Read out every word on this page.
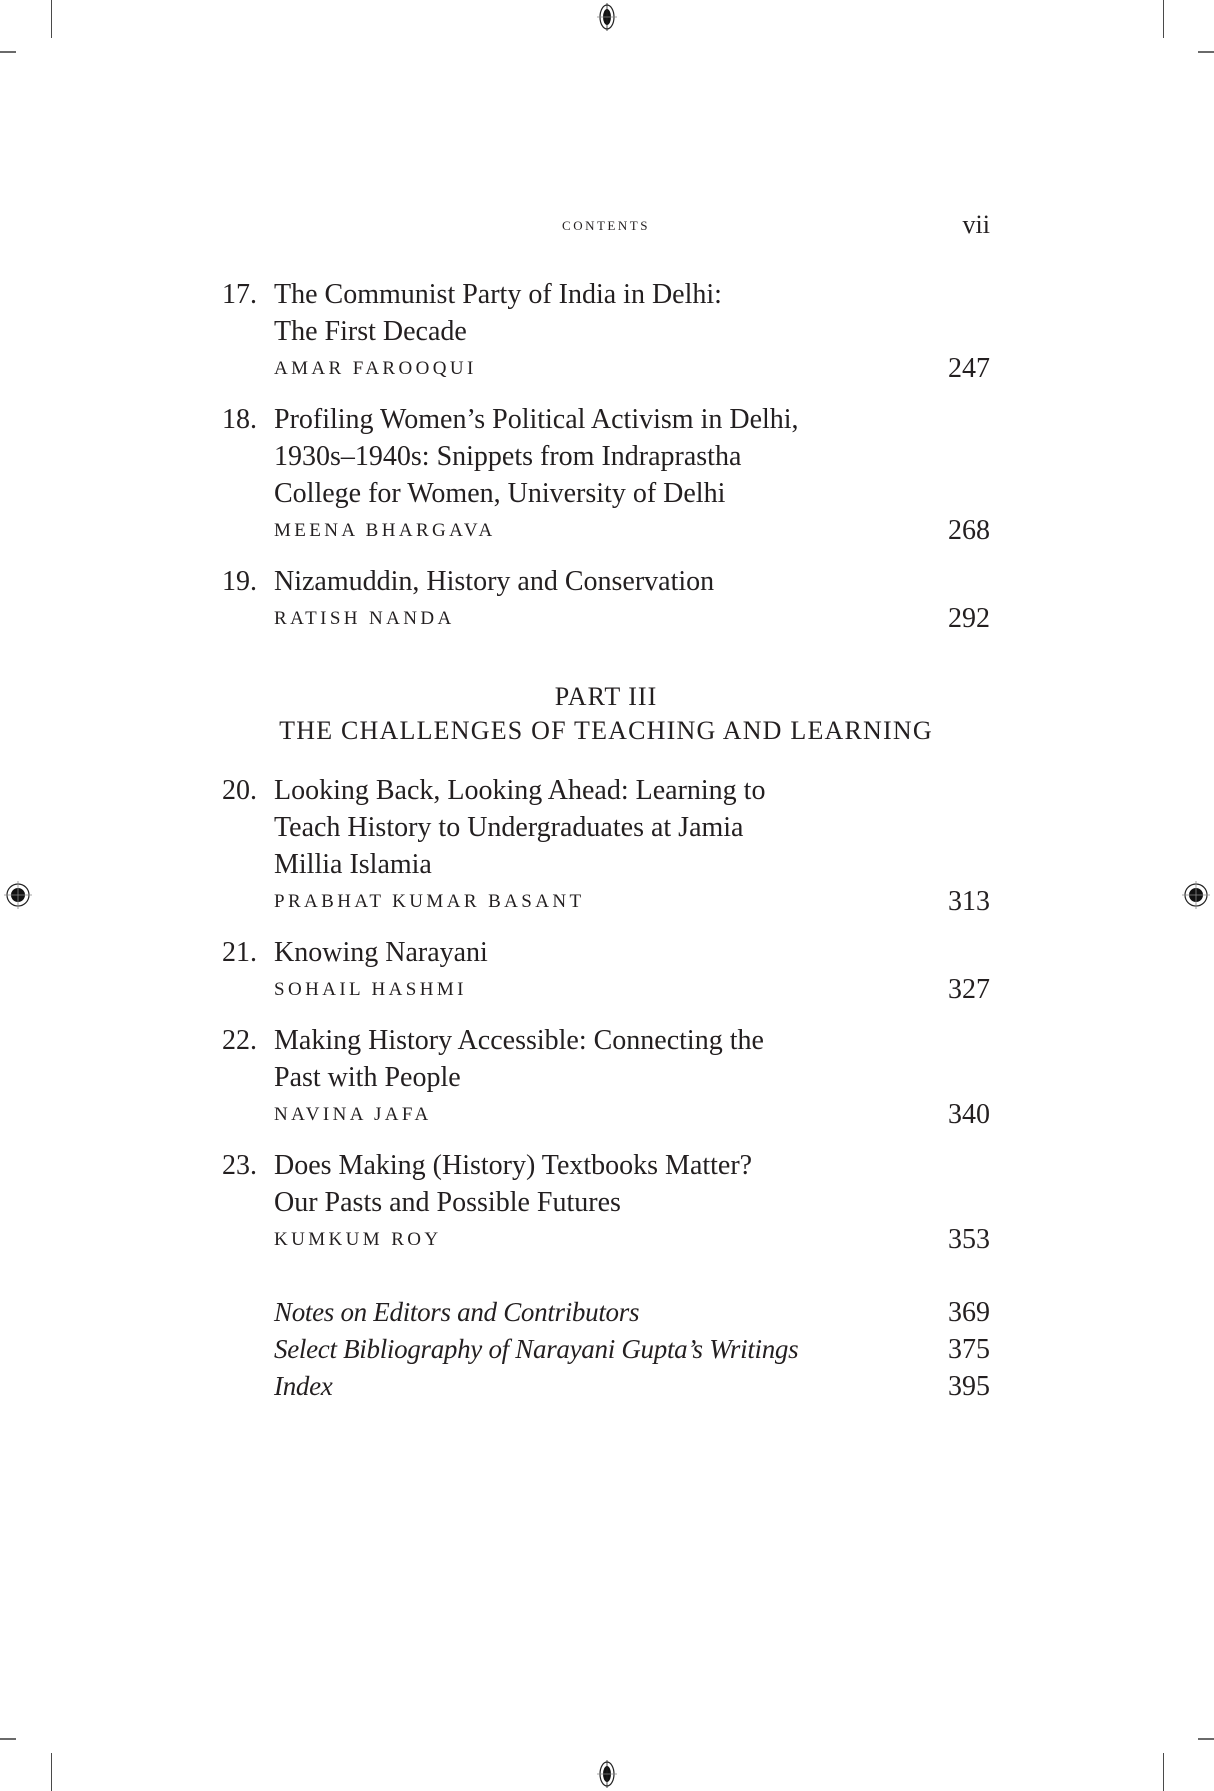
contents	vii
17. The Communist Party of India in Delhi:
The First Decade
AMAR FAROOQUI	247
18. Profiling Women’s Political Activism in Delhi,
1930s–1940s: Snippets from Indraprastha
College for Women, University of Delhi
MEENA BHARGAVA	268
19. Nizamuddin, History and Conservation
RATISH NANDA	292
PART III
THE CHALLENGES OF TEACHING AND LEARNING
20. Looking Back, Looking Ahead: Learning to
Teach History to Undergraduates at Jamia
Millia Islamia
PRABHAT KUMAR BASANT	313
21. Knowing Narayani
SOHAIL HASHMI	327
22. Making History Accessible: Connecting the
Past with People
NAVINA JAFA	340
23. Does Making (History) Textbooks Matter?
Our Pasts and Possible Futures
KUMKUM ROY	353
Notes on Editors and Contributors	369
Select Bibliography of Narayani Gupta’s Writings	375
Index	395
